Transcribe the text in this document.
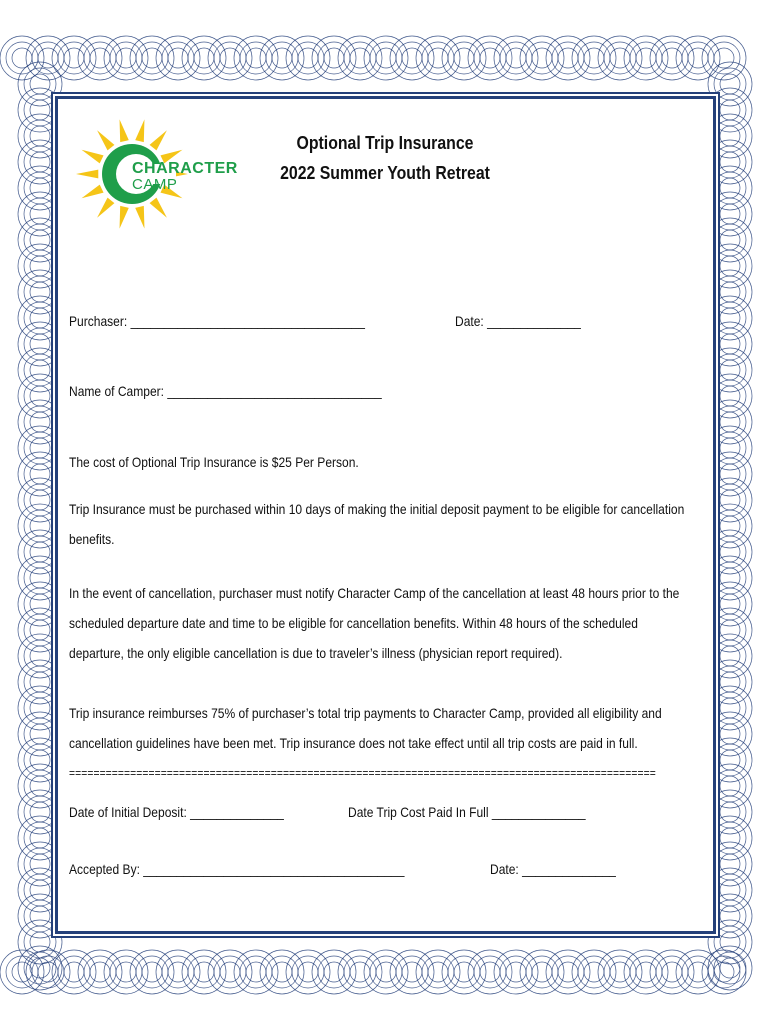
CHARACTER
CAMP
Optional Trip Insurance
2022 Summer Youth Retreat
Purchaser: ___________________________________	Date: ______________
Name of Camper: ________________________________
The cost of Optional Trip Insurance is $25 Per Person.
Trip Insurance must be purchased within 10 days of making the initial deposit payment to be eligible for cancellation benefits.
In the event of cancellation, purchaser must notify Character Camp of the cancellation at least 48 hours prior to the scheduled departure date and time to be eligible for cancellation benefits. Within 48 hours of the scheduled departure, the only eligible cancellation is due to traveler’s illness (physician report required).
Trip insurance reimburses 75% of purchaser’s total trip payments to Character Camp, provided all eligibility and cancellation guidelines have been met. Trip insurance does not take effect until all trip costs are paid in full.
================================================================================================
Date of Initial Deposit: ______________	Date Trip Cost Paid In Full ______________
Accepted By: _______________________________________	Date: ______________
